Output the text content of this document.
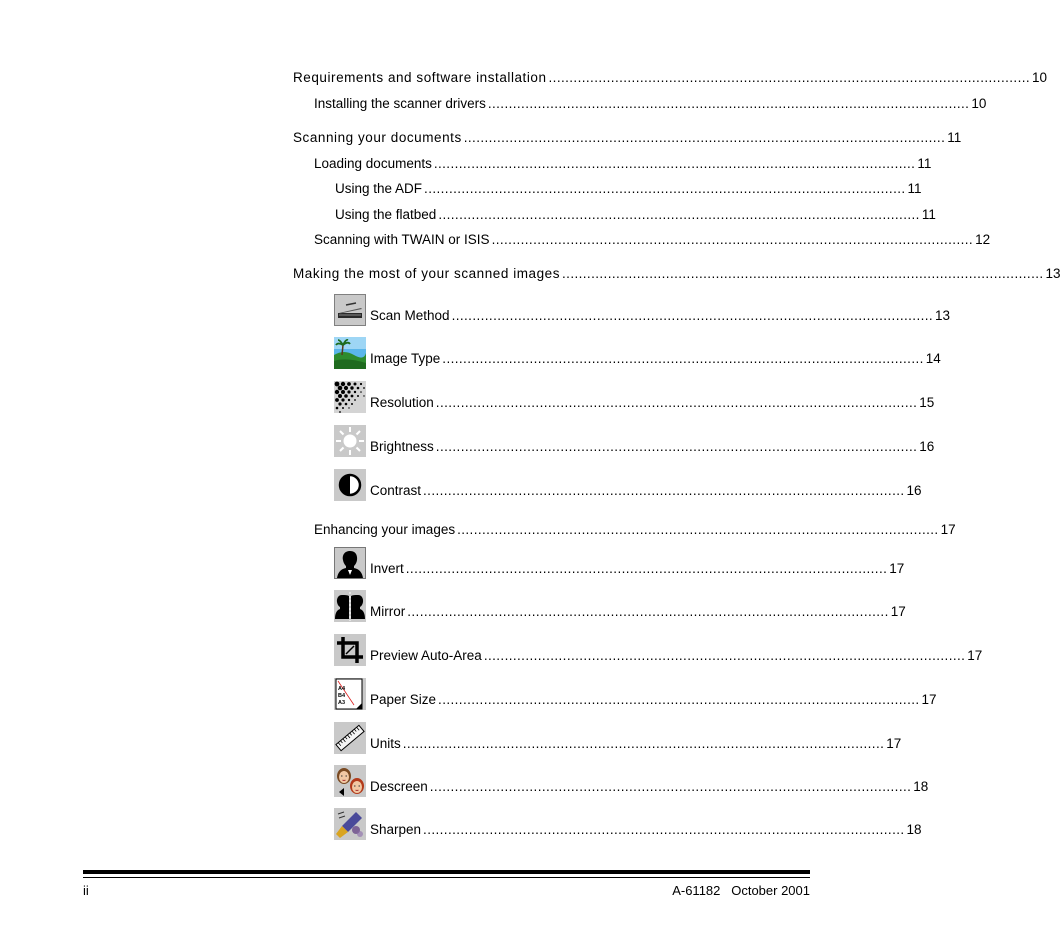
Requirements and software installation .................................................................................................................... 10
Installing the scanner drivers .................................................................................................................... 10
Scanning your documents .................................................................................................................... 11
Loading documents .................................................................................................................... 11
Using the ADF .................................................................................................................... 11
Using the flatbed .................................................................................................................... 11
Scanning with TWAIN or ISIS .................................................................................................................... 12
Making the most of your scanned images .................................................................................................................... 13
Scan Method .................................................................................................................... 13
Image Type .................................................................................................................... 14
Resolution .................................................................................................................... 15
Brightness .................................................................................................................... 16
Contrast .................................................................................................................... 16
Enhancing your images .................................................................................................................... 17
Invert .................................................................................................................... 17
Mirror .................................................................................................................... 17
Preview Auto-Area .................................................................................................................... 17
A4
B4
A3 Paper Size .................................................................................................................... 17
Units .................................................................................................................... 17
Descreen .................................................................................................................... 18
Sharpen .................................................................................................................... 18
ii	A-61182   October 2001
